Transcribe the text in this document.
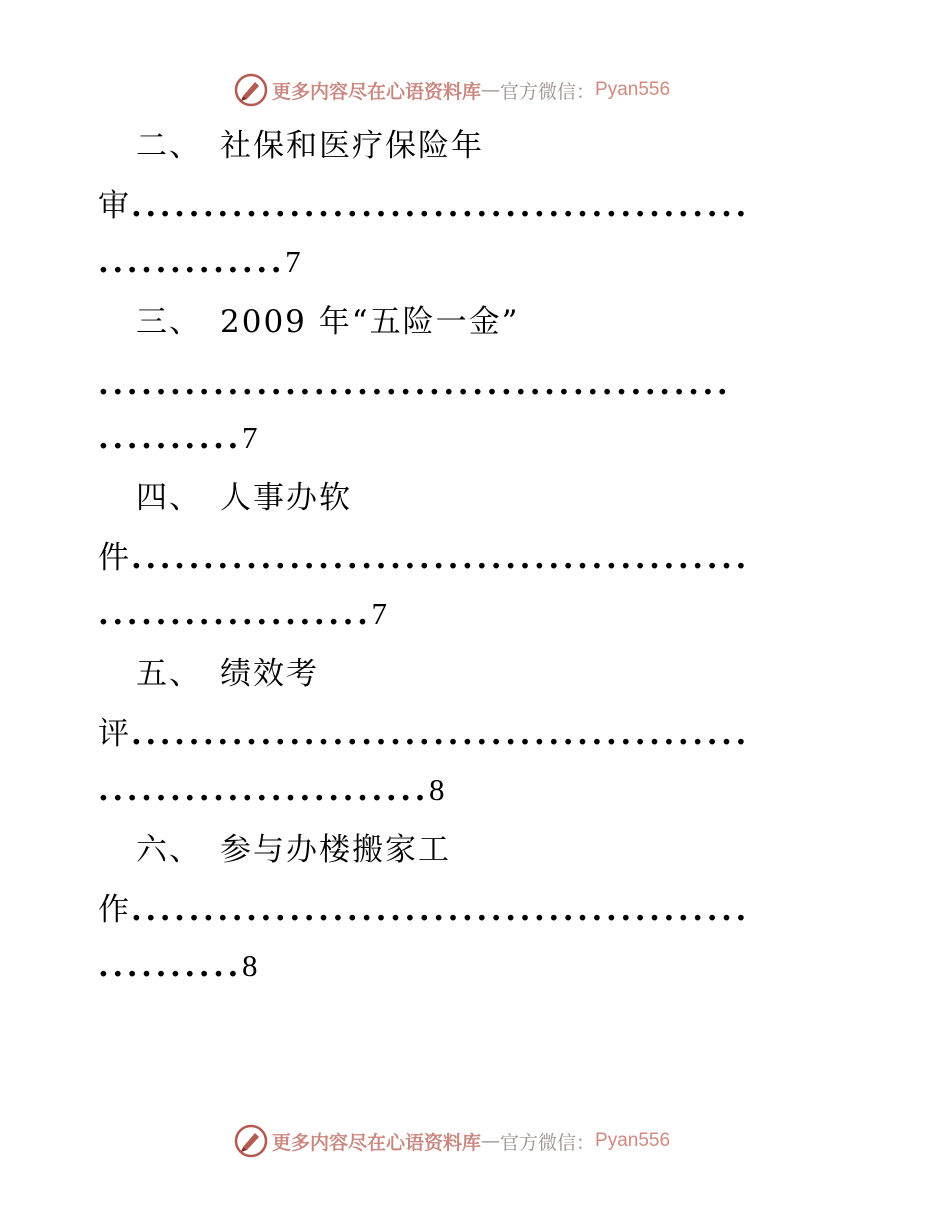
更多内容尽在心语资料库 — 官方微信： Pyan556
二、 社保和医疗保险年
审...........................................
.............7
三、 2009 年“五险一金”
............................................
..........7
四、 人事办软
件...........................................
...................7
五、 绩效考
评...........................................
.......................8
六、 参与办楼搬家工
作...........................................
..........8
更多内容尽在心语资料库 — 官方微信： Pyan556
